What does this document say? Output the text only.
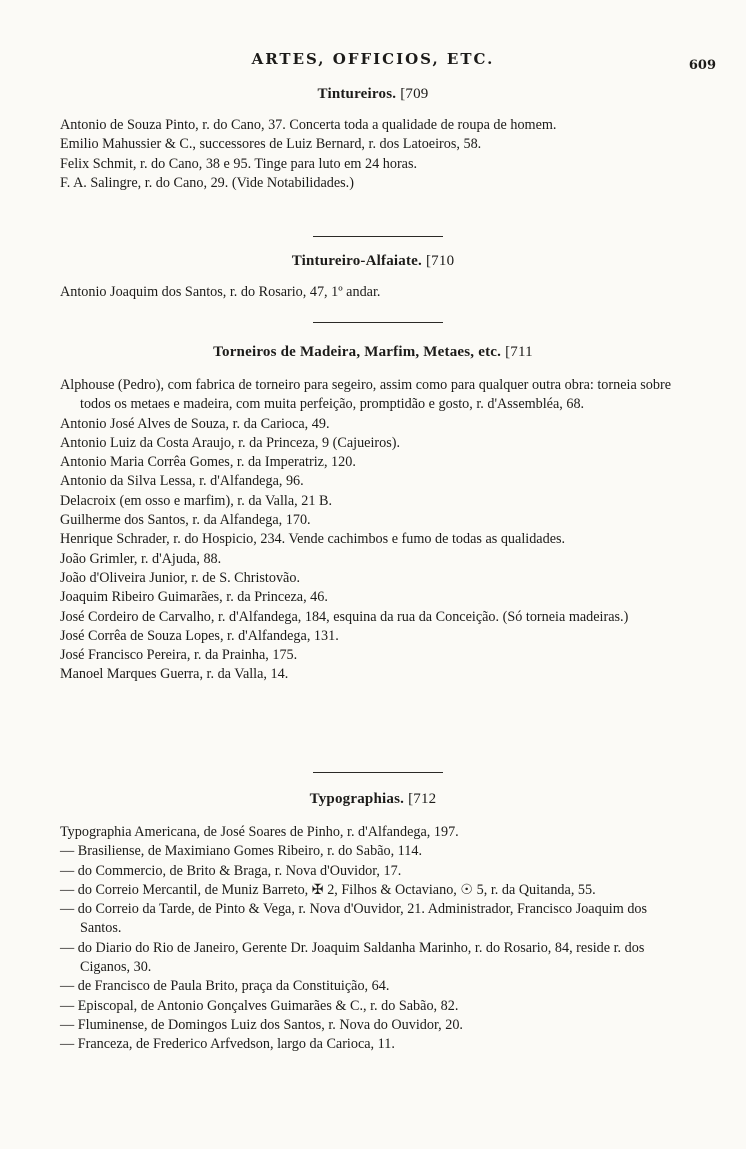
ARTES, OFFICIOS, ETC.	609
Tintureiros. [709
Antonio de Souza Pinto, r. do Cano, 37. Concerta toda a qualidade de roupa de homem.
Emilio Mahussier & C., successores de Luiz Bernard, r. dos Latoeiros, 58.
Felix Schmit, r. do Cano, 38 e 95. Tinge para luto em 24 horas.
F. A. Salingre, r. do Cano, 29. (Vide Notabilidades.)
Tintureiro-Alfaiate. [710
Antonio Joaquim dos Santos, r. do Rosario, 47, 1º andar.
Torneiros de Madeira, Marfim, Metaes, etc. [711
Alphouse (Pedro), com fabrica de torneiro para segeiro, assim como para qualquer outra obra: torneia sobre todos os metaes e madeira, com muita perfeição, promptidão e gosto, r. d'Assembléa, 68.
Antonio José Alves de Souza, r. da Carioca, 49.
Antonio Luiz da Costa Araujo, r. da Princeza, 9 (Cajueiros).
Antonio Maria Corrêa Gomes, r. da Imperatriz, 120.
Antonio da Silva Lessa, r. d'Alfandega, 96.
Delacroix (em osso e marfim), r. da Valla, 21 B.
Guilherme dos Santos, r. da Alfandega, 170.
Henrique Schrader, r. do Hospicio, 234. Vende cachimbos e fumo de todas as qualidades.
João Grimler, r. d'Ajuda, 88.
João d'Oliveira Junior, r. de S. Christovão.
Joaquim Ribeiro Guimarães, r. da Princeza, 46.
José Cordeiro de Carvalho, r. d'Alfandega, 184, esquina da rua da Conceição. (Só torneia madeiras.)
José Corrêa de Souza Lopes, r. d'Alfandega, 131.
José Francisco Pereira, r. da Prainha, 175.
Manoel Marques Guerra, r. da Valla, 14.
Typographias. [712
Typographia Americana, de José Soares de Pinho, r. d'Alfandega, 197.
— Brasiliense, de Maximiano Gomes Ribeiro, r. do Sabão, 114.
— do Commercio, de Brito & Braga, r. Nova d'Ouvidor, 17.
— do Correio Mercantil, de Muniz Barreto, ✠ 2, Filhos & Octaviano, ☉ 5, r. da Quitanda, 55.
— do Correio da Tarde, de Pinto & Vega, r. Nova d'Ouvidor, 21. Administrador, Francisco Joaquim dos Santos.
— do Diario do Rio de Janeiro, Gerente Dr. Joaquim Saldanha Marinho, r. do Rosario, 84, reside r. dos Ciganos, 30.
— de Francisco de Paula Brito, praça da Constituição, 64.
— Episcopal, de Antonio Gonçalves Guimarães & C., r. do Sabão, 82.
— Fluminense, de Domingos Luiz dos Santos, r. Nova do Ouvidor, 20.
— Franceza, de Frederico Arfvedson, largo da Carioca, 11.
